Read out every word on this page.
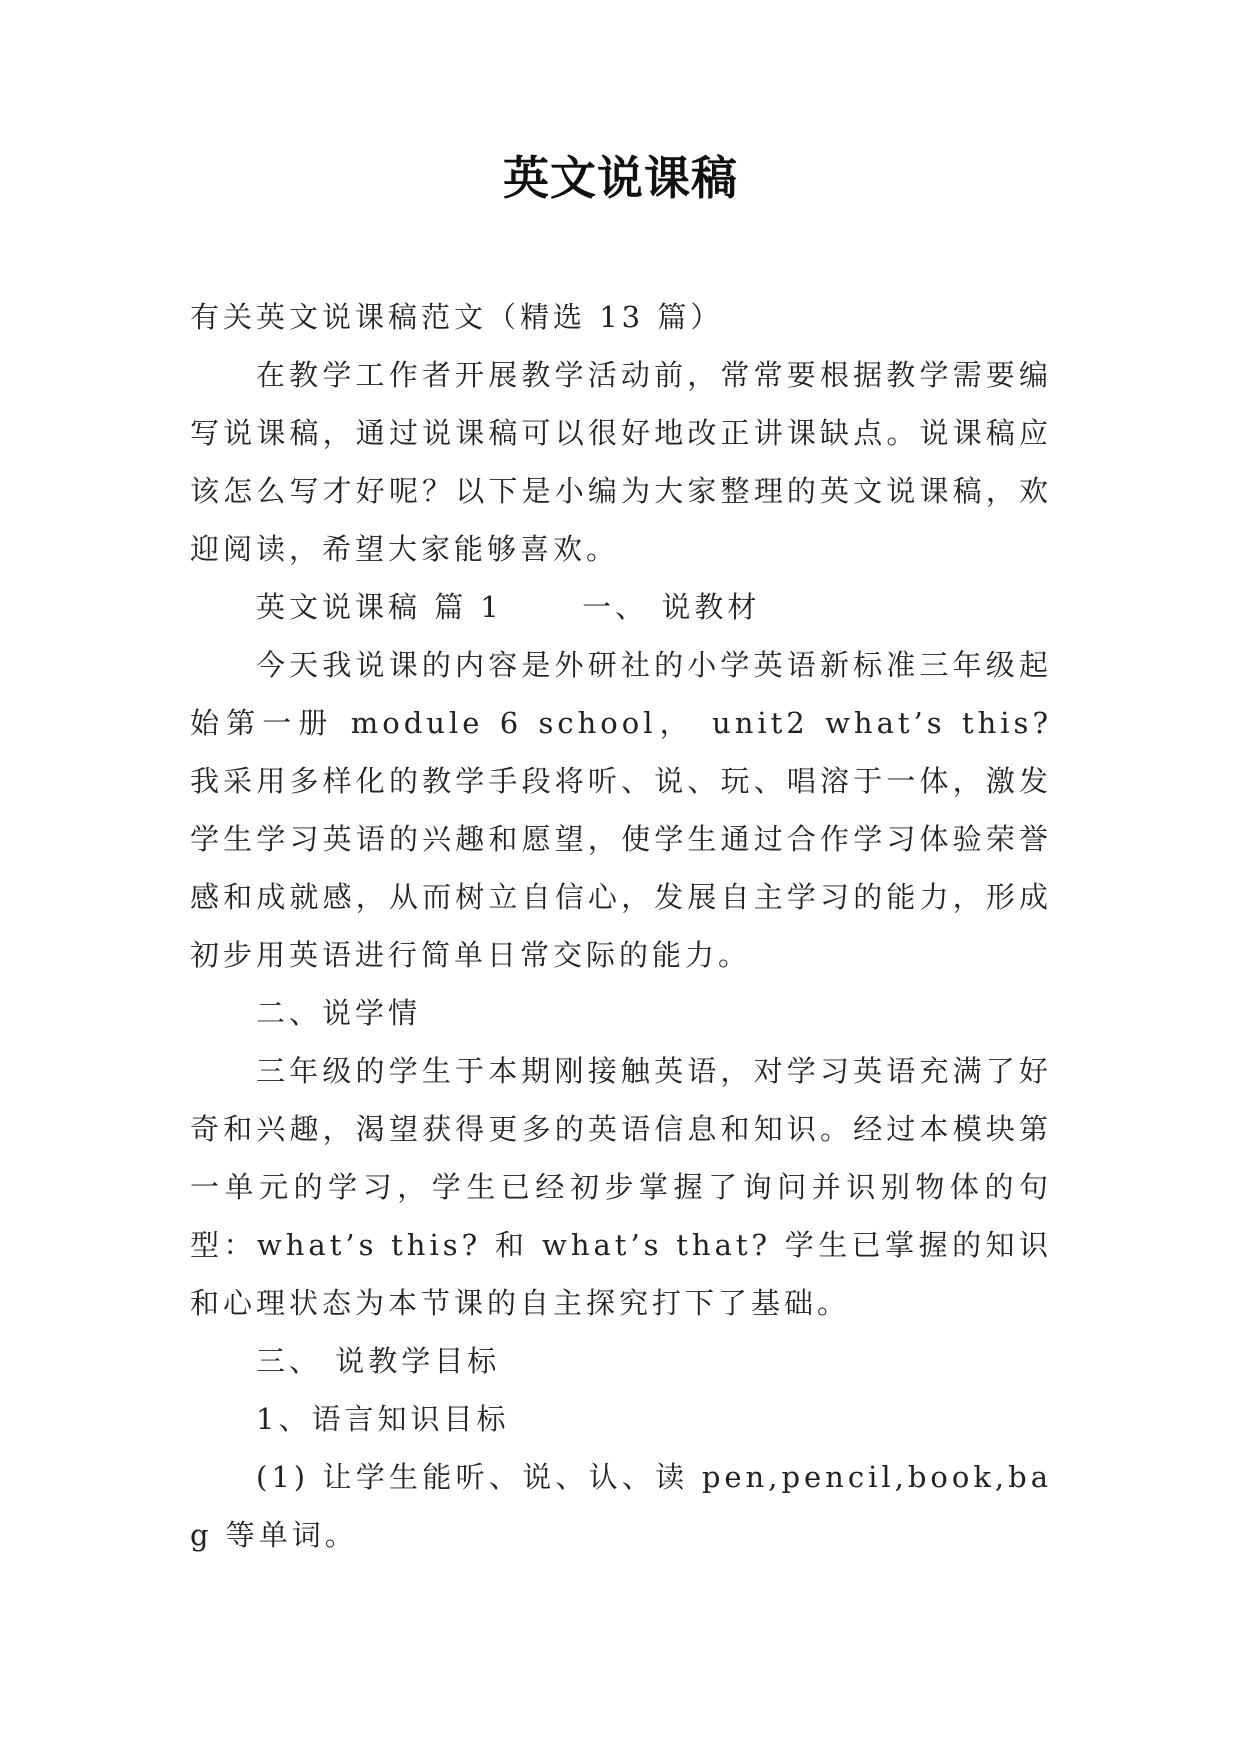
英文说课稿

有关英文说课稿范文（精选 13 篇）

在教学工作者开展教学活动前，常常要根据教学需要编写说课稿，通过说课稿可以很好地改正讲课缺点。说课稿应该怎么写才好呢？以下是小编为大家整理的英文说课稿，欢迎阅读，希望大家能够喜欢。

英文说课稿 篇 1　　 一、 说教材

今天我说课的内容是外研社的小学英语新标准三年级起始第一册 module 6 school， unit2 what’s this? 我采用多样化的教学手段将听、说、玩、唱溶于一体，激发学生学习英语的兴趣和愿望，使学生通过合作学习体验荣誉感和成就感，从而树立自信心，发展自主学习的能力，形成初步用英语进行简单日常交际的能力。

二、说学情

三年级的学生于本期刚接触英语，对学习英语充满了好奇和兴趣，渴望获得更多的英语信息和知识。经过本模块第一单元的学习，学生已经初步掌握了询问并识别物体的句型：what’s this? 和 what’s that? 学生已掌握的知识和心理状态为本节课的自主探究打下了基础。

三、 说教学目标

1、语言知识目标

(1) 让学生能听、说、认、读 pen,pencil,book,bag 等单词。
